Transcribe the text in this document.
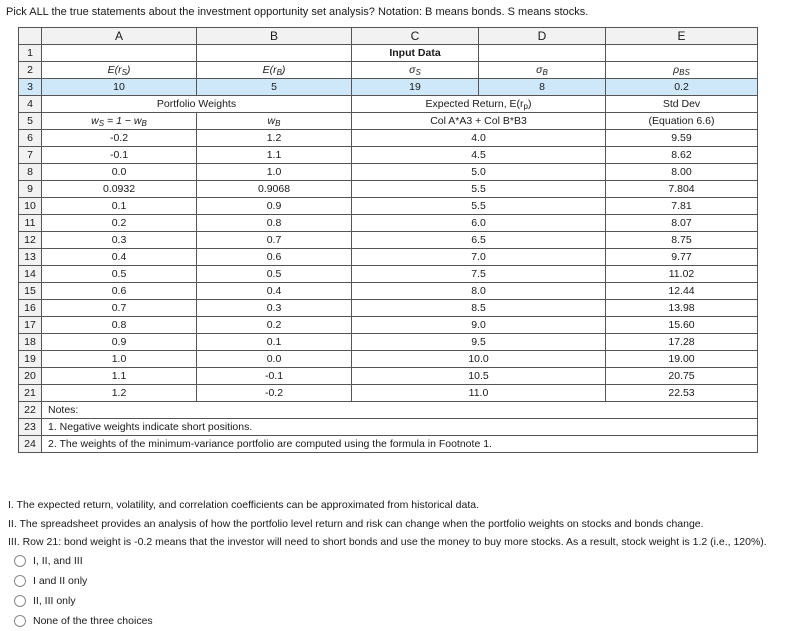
Pick ALL the true statements about the investment opportunity set analysis? Notation: B means bonds. S means stocks.
	A	B	C	D	E
1			Input Data		
2	$E(r_S)$	$E(r_B)$	$\sigma_S$	$\sigma_B$	$\rho_{BS}$
3	10	5	19	8	0.2
4	Portfolio Weights		Expected Return, $E(r_p)$		Std Dev
5	$w_S = 1 - w_B$	$w_B$	Col A*A3 + Col B*B3		(Equation 6.6)
6	-0.2	1.2	4.0		9.59
7	-0.1	1.1	4.5		8.62
8	0.0	1.0	5.0		8.00
9	0.0932	0.9068	5.5		7.804
10	0.1	0.9	5.5		7.81
11	0.2	0.8	6.0		8.07
12	0.3	0.7	6.5		8.75
13	0.4	0.6	7.0		9.77
14	0.5	0.5	7.5		11.02
15	0.6	0.4	8.0		12.44
16	0.7	0.3	8.5		13.98
17	0.8	0.2	9.0		15.60
18	0.9	0.1	9.5		17.28
19	1.0	0.0	10.0		19.00
20	1.1	-0.1	10.5		20.75
21	1.2	-0.2	11.0		22.53
22	Notes:				
23	1. Negative weights indicate short positions.				
24	2. The weights of the minimum-variance portfolio are computed using the formula in Footnote 1.				
I. The expected return, volatility, and correlation coefficients can be approximated from historical data.
II. The spreadsheet provides an analysis of how the portfolio level return and risk can change when the portfolio weights on stocks and bonds change.
III. Row 21: bond weight is -0.2 means that the investor will need to short bonds and use the money to buy more stocks. As a result, stock weight is 1.2 (i.e., 120%).
I, II, and III
I and II only
II, III only
None of the three choices
